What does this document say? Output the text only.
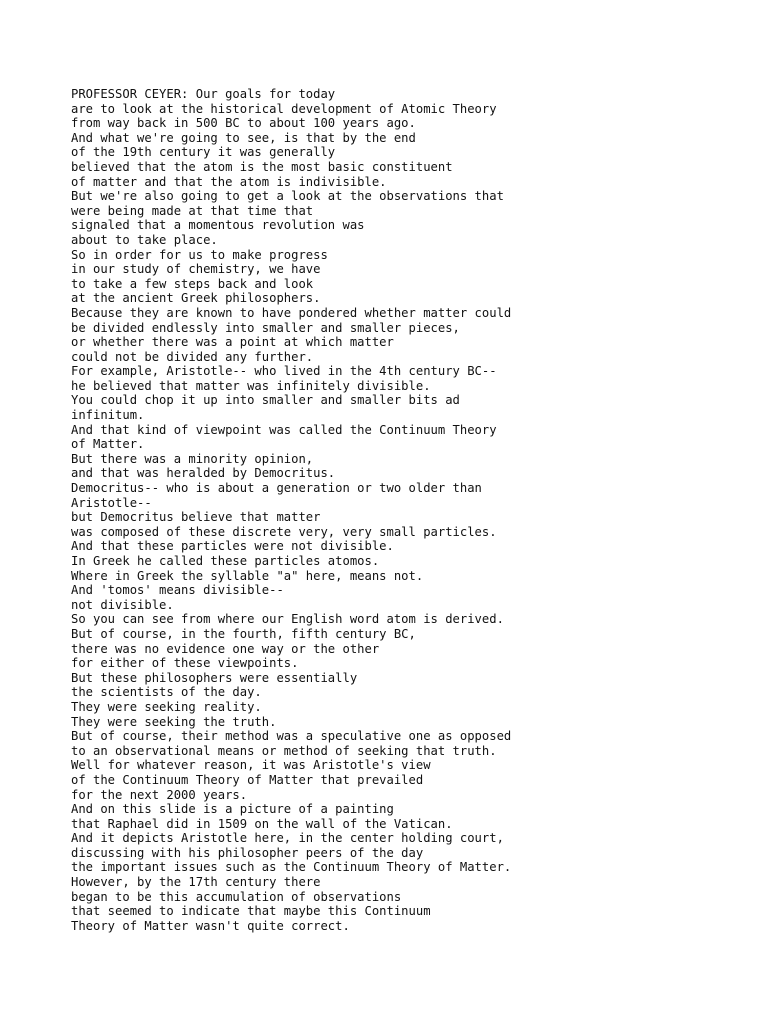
PROFESSOR CEYER: Our goals for today
are to look at the historical development of Atomic Theory
from way back in 500 BC to about 100 years ago.
And what we're going to see, is that by the end
of the 19th century it was generally
believed that the atom is the most basic constituent
of matter and that the atom is indivisible.
But we're also going to get a look at the observations that
were being made at that time that
signaled that a momentous revolution was
about to take place.
So in order for us to make progress
in our study of chemistry, we have
to take a few steps back and look
at the ancient Greek philosophers.
Because they are known to have pondered whether matter could
be divided endlessly into smaller and smaller pieces,
or whether there was a point at which matter
could not be divided any further.
For example, Aristotle-- who lived in the 4th century BC--
he believed that matter was infinitely divisible.
You could chop it up into smaller and smaller bits ad
infinitum.
And that kind of viewpoint was called the Continuum Theory
of Matter.
But there was a minority opinion,
and that was heralded by Democritus.
Democritus-- who is about a generation or two older than
Aristotle--
but Democritus believe that matter
was composed of these discrete very, very small particles.
And that these particles were not divisible.
In Greek he called these particles atomos.
Where in Greek the syllable "a" here, means not.
And 'tomos' means divisible--
not divisible.
So you can see from where our English word atom is derived.
But of course, in the fourth, fifth century BC,
there was no evidence one way or the other
for either of these viewpoints.
But these philosophers were essentially
the scientists of the day.
They were seeking reality.
They were seeking the truth.
But of course, their method was a speculative one as opposed
to an observational means or method of seeking that truth.
Well for whatever reason, it was Aristotle's view
of the Continuum Theory of Matter that prevailed
for the next 2000 years.
And on this slide is a picture of a painting
that Raphael did in 1509 on the wall of the Vatican.
And it depicts Aristotle here, in the center holding court,
discussing with his philosopher peers of the day
the important issues such as the Continuum Theory of Matter.
However, by the 17th century there
began to be this accumulation of observations
that seemed to indicate that maybe this Continuum
Theory of Matter wasn't quite correct.
